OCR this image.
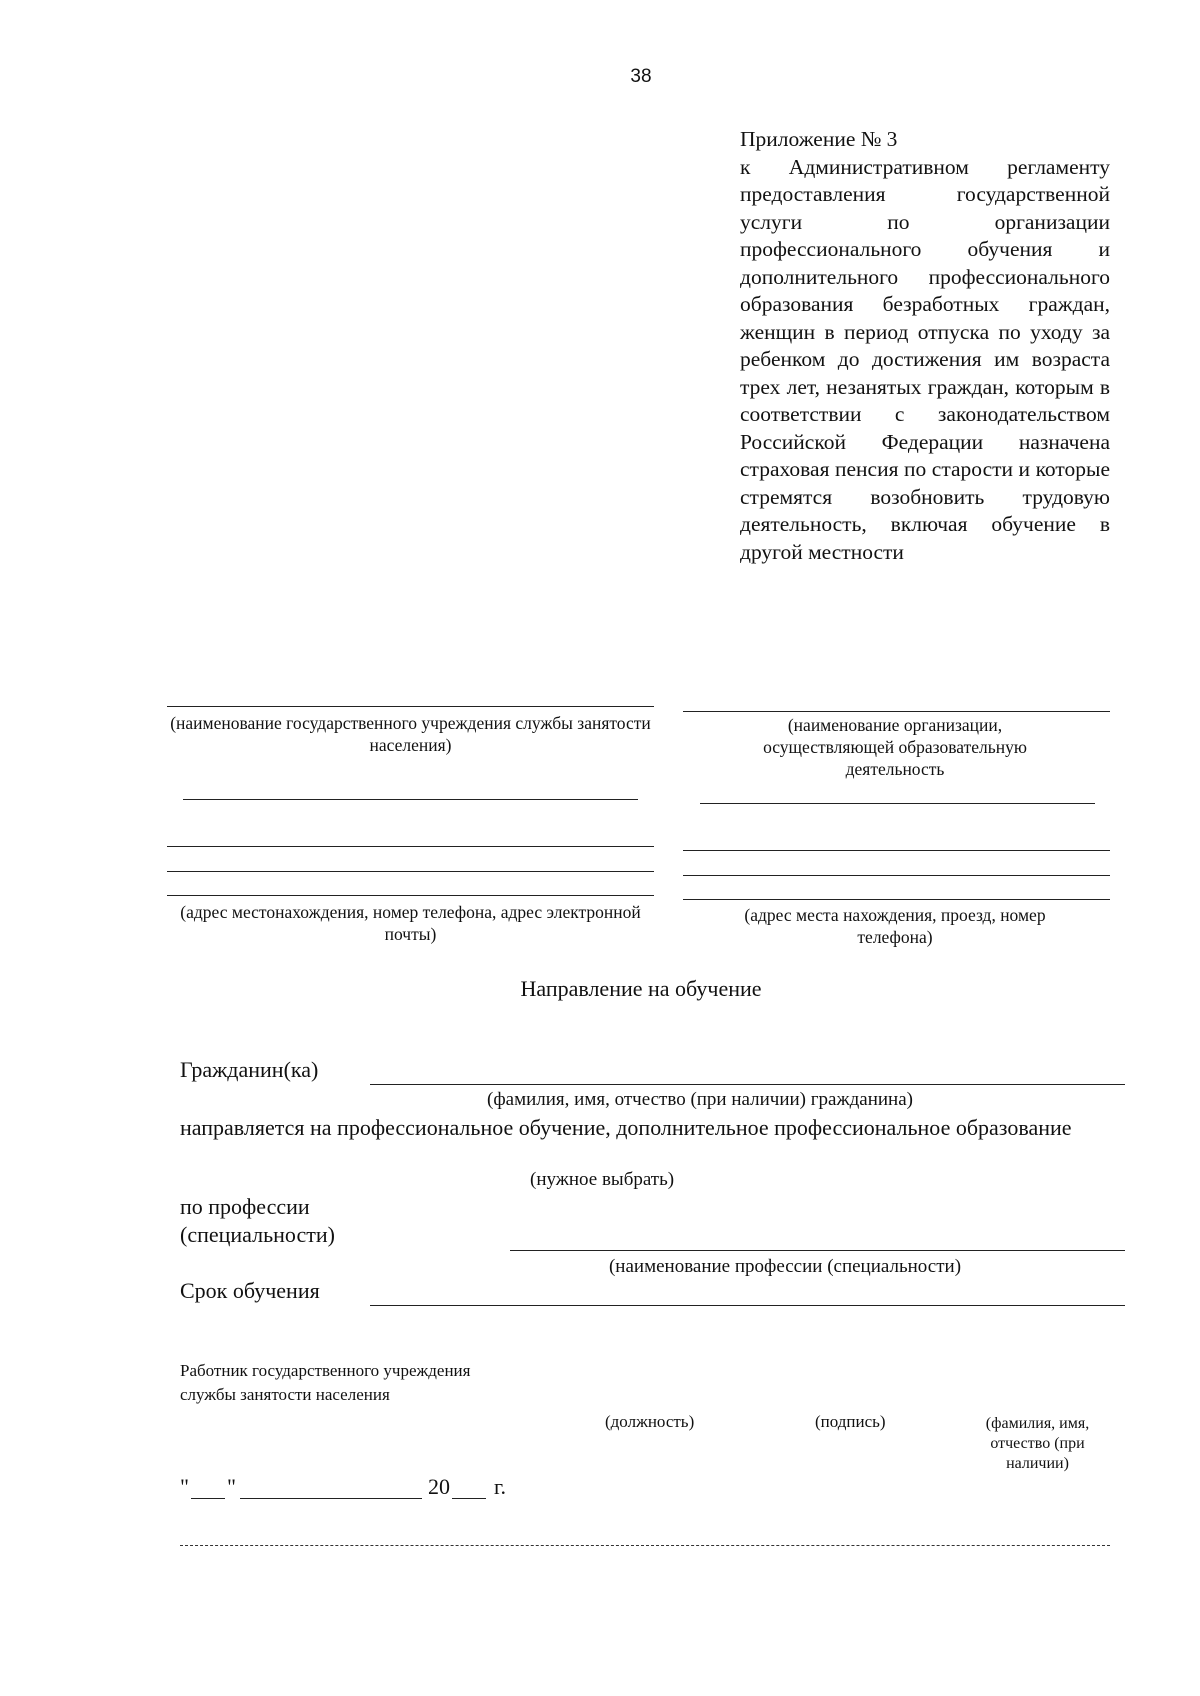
38
Приложение № 3
к Административном регламенту предоставления государственной услуги по организации профессионального обучения и дополнительного профессионального образования безработных граждан, женщин в период отпуска по уходу за ребенком до достижения им возраста трех лет, незанятых граждан, которым в соответствии с законодательством Российской Федерации назначена страховая пенсия по старости и которые стремятся возобновить трудовую деятельность, включая обучение в другой местности
(наименование государственного учреждения службы занятости населения)
(адрес местонахождения, номер телефона, адрес электронной почты)
(наименование организации, осуществляющей образовательную деятельность
(адрес места нахождения, проезд, номер телефона)
Направление на обучение
Гражданин(ка)
(фамилия, имя, отчество (при наличии) гражданина)
направляется на профессиональное обучение, дополнительное профессиональное образование
(нужное выбрать)
по профессии
(специальности)
(наименование профессии (специальности)
Срок обучения
Работник государственного учреждения
службы занятости населения
(должность)	(подпись)	(фамилия, имя, отчество (при наличии)
" "	20 г.
